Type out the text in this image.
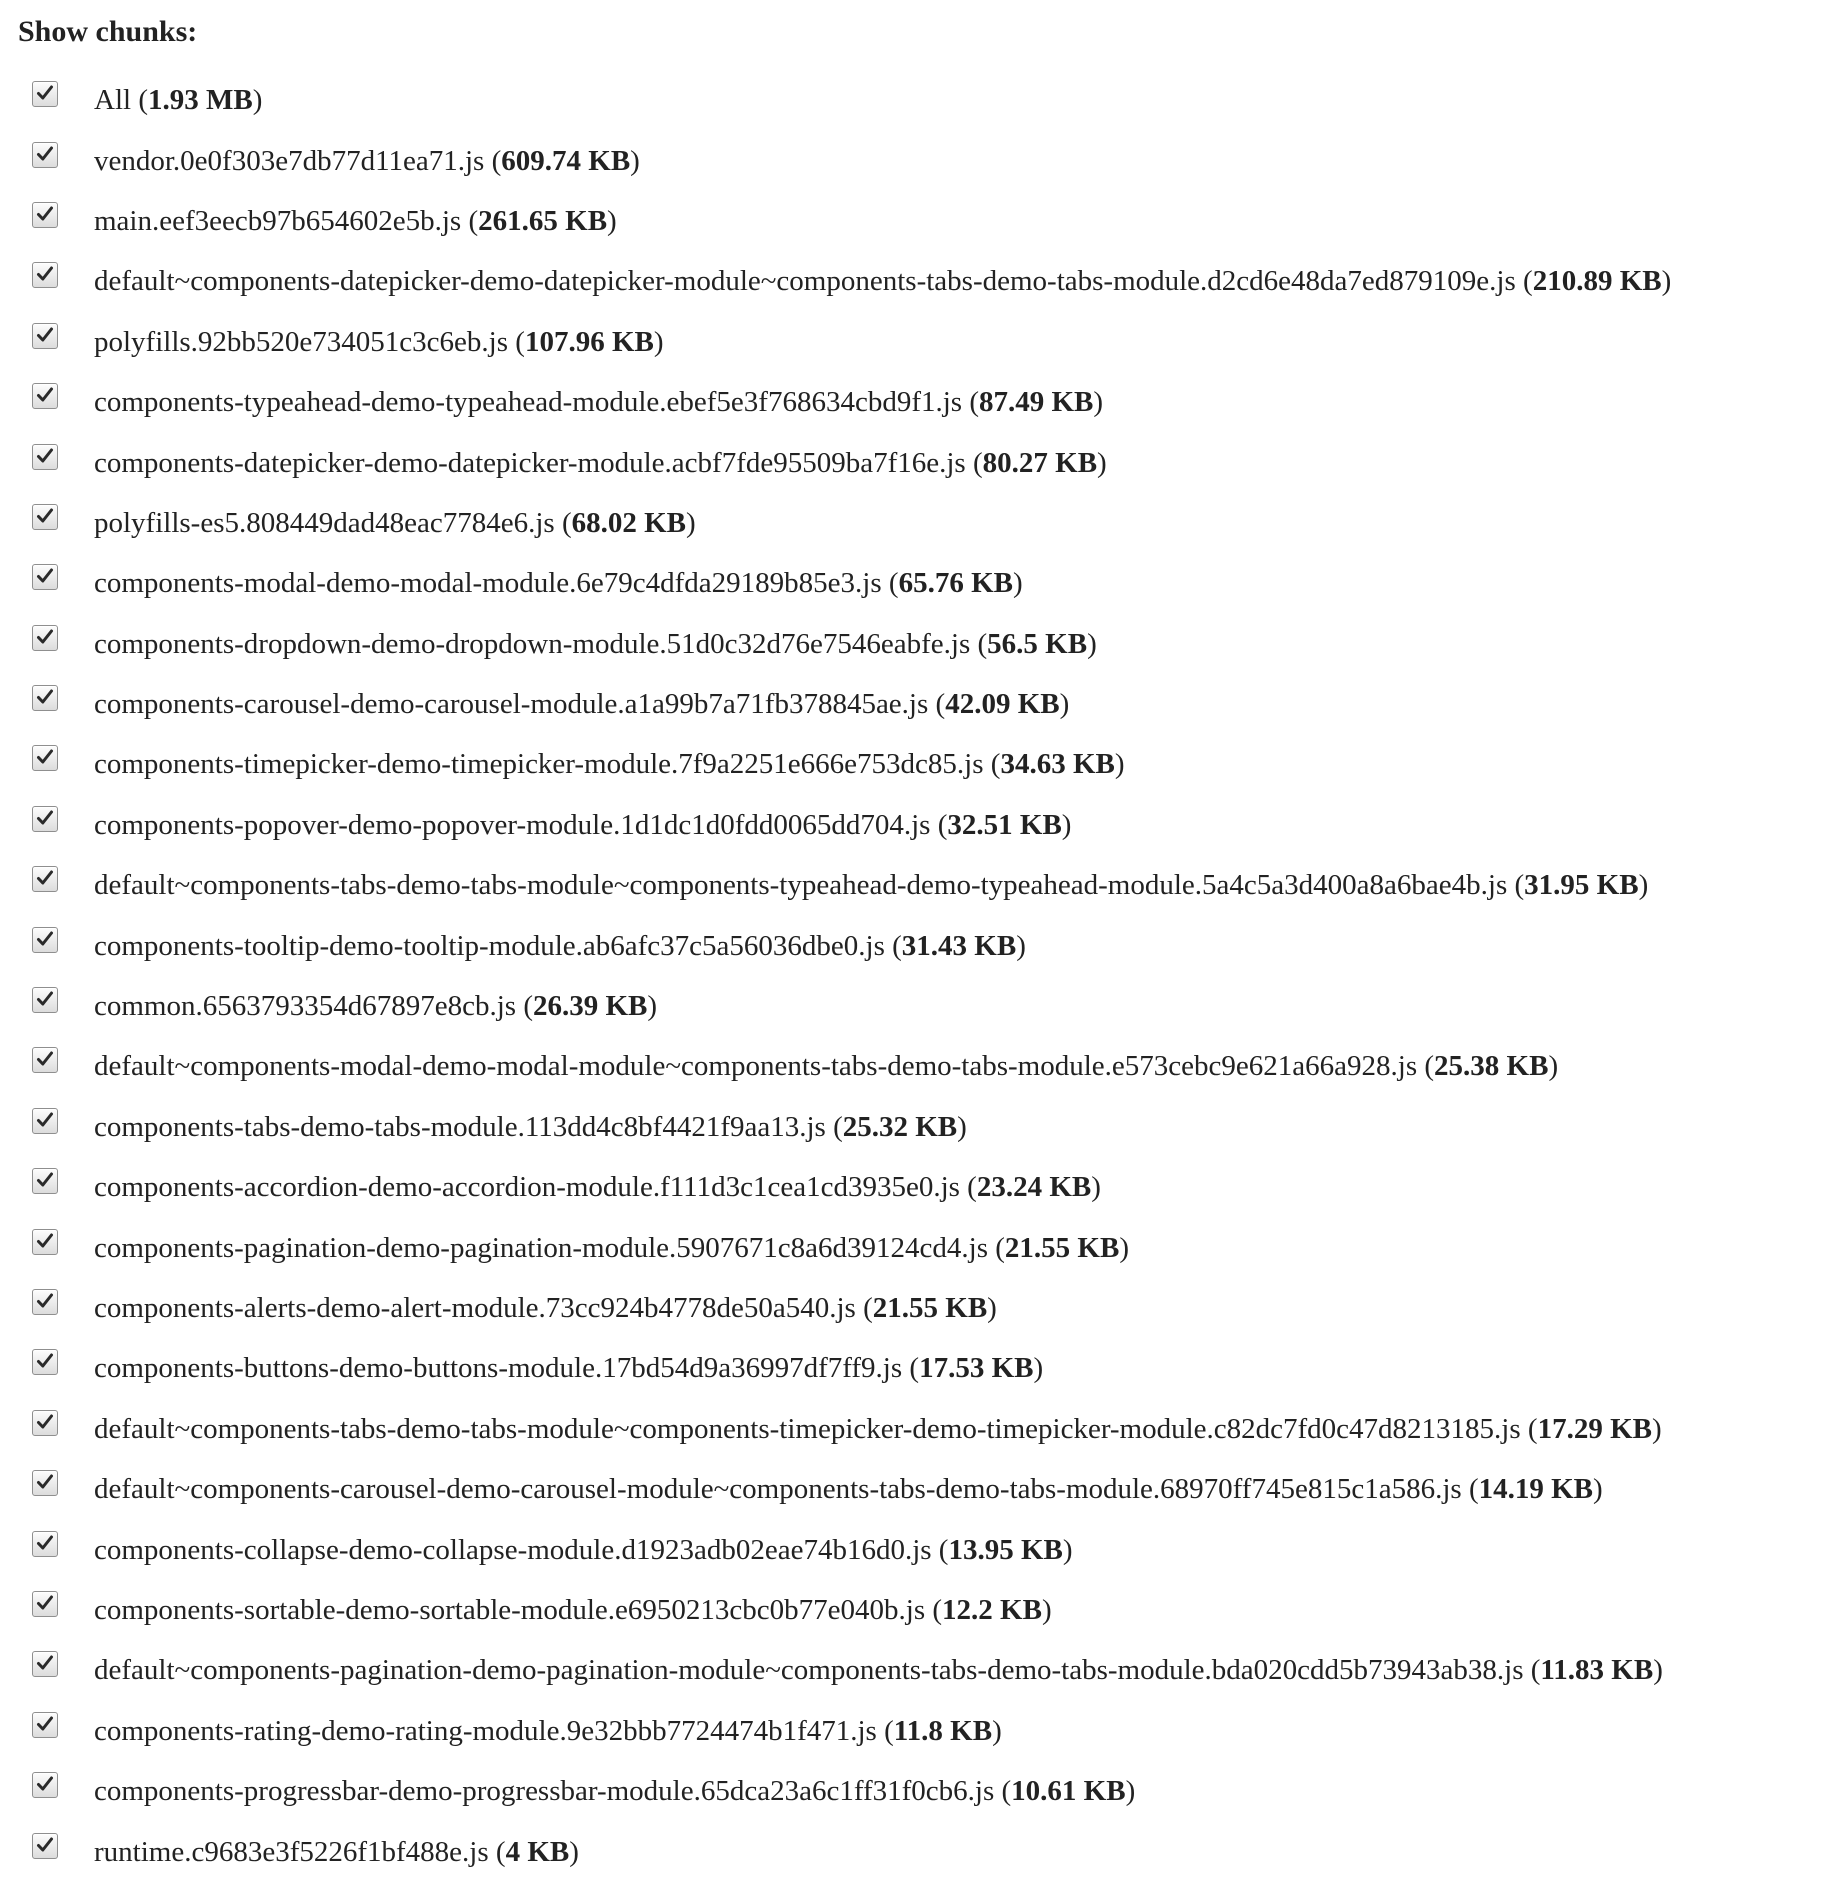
Show chunks:
All (1.93 MB)
vendor.0e0f303e7db77d11ea71.js (609.74 KB)
main.eef3eecb97b654602e5b.js (261.65 KB)
default~components-datepicker-demo-datepicker-module~components-tabs-demo-tabs-module.d2cd6e48da7ed879109e.js (210.89 KB)
polyfills.92bb520e734051c3c6eb.js (107.96 KB)
components-typeahead-demo-typeahead-module.ebef5e3f768634cbd9f1.js (87.49 KB)
components-datepicker-demo-datepicker-module.acbf7fde95509ba7f16e.js (80.27 KB)
polyfills-es5.808449dad48eac7784e6.js (68.02 KB)
components-modal-demo-modal-module.6e79c4dfda29189b85e3.js (65.76 KB)
components-dropdown-demo-dropdown-module.51d0c32d76e7546eabfe.js (56.5 KB)
components-carousel-demo-carousel-module.a1a99b7a71fb378845ae.js (42.09 KB)
components-timepicker-demo-timepicker-module.7f9a2251e666e753dc85.js (34.63 KB)
components-popover-demo-popover-module.1d1dc1d0fdd0065dd704.js (32.51 KB)
default~components-tabs-demo-tabs-module~components-typeahead-demo-typeahead-module.5a4c5a3d400a8a6bae4b.js (31.95 KB)
components-tooltip-demo-tooltip-module.ab6afc37c5a56036dbe0.js (31.43 KB)
common.6563793354d67897e8cb.js (26.39 KB)
default~components-modal-demo-modal-module~components-tabs-demo-tabs-module.e573cebc9e621a66a928.js (25.38 KB)
components-tabs-demo-tabs-module.113dd4c8bf4421f9aa13.js (25.32 KB)
components-accordion-demo-accordion-module.f111d3c1cea1cd3935e0.js (23.24 KB)
components-pagination-demo-pagination-module.5907671c8a6d39124cd4.js (21.55 KB)
components-alerts-demo-alert-module.73cc924b4778de50a540.js (21.55 KB)
components-buttons-demo-buttons-module.17bd54d9a36997df7ff9.js (17.53 KB)
default~components-tabs-demo-tabs-module~components-timepicker-demo-timepicker-module.c82dc7fd0c47d8213185.js (17.29 KB)
default~components-carousel-demo-carousel-module~components-tabs-demo-tabs-module.68970ff745e815c1a586.js (14.19 KB)
components-collapse-demo-collapse-module.d1923adb02eae74b16d0.js (13.95 KB)
components-sortable-demo-sortable-module.e6950213cbc0b77e040b.js (12.2 KB)
default~components-pagination-demo-pagination-module~components-tabs-demo-tabs-module.bda020cdd5b73943ab38.js (11.83 KB)
components-rating-demo-rating-module.9e32bbb7724474b1f471.js (11.8 KB)
components-progressbar-demo-progressbar-module.65dca23a6c1ff31f0cb6.js (10.61 KB)
runtime.c9683e3f5226f1bf488e.js (4 KB)
